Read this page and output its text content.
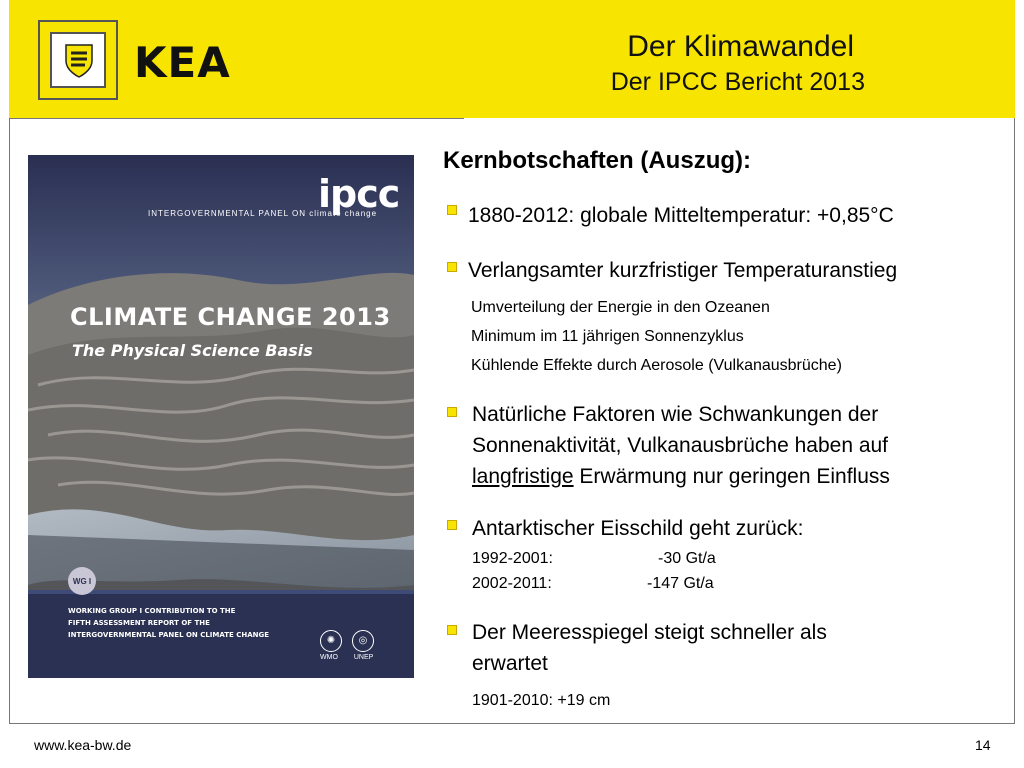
KEA	Der Klimawandel
Der IPCC Bericht 2013
ipcc
INTERGOVERNMENTAL PANEL ON climate change
CLIMATE CHANGE 2013
The Physical Science Basis
WG I
WORKING GROUP I CONTRIBUTION TO THE
FIFTH ASSESSMENT REPORT OF THE
INTERGOVERNMENTAL PANEL ON CLIMATE CHANGE	✺ ◎
WMO UNEP
Kernbotschaften (Auszug):
1880-2012: globale Mitteltemperatur: +0,85°C
Verlangsamter kurzfristiger Temperaturanstieg
Umverteilung der Energie in den Ozeanen
Minimum im 11 jährigen Sonnenzyklus
Kühlende Effekte durch Aerosole (Vulkanausbrüche)
Natürliche Faktoren wie Schwankungen der
Sonnenaktivität, Vulkanausbrüche haben auf
langfristige Erwärmung nur geringen Einfluss
Antarktischer Eisschild geht zurück:
1992-2001:	-30 Gt/a
2002-2011:	-147 Gt/a
Der Meeresspiegel steigt schneller als
erwartet
1901-2010: +19 cm
www.kea-bw.de	14
